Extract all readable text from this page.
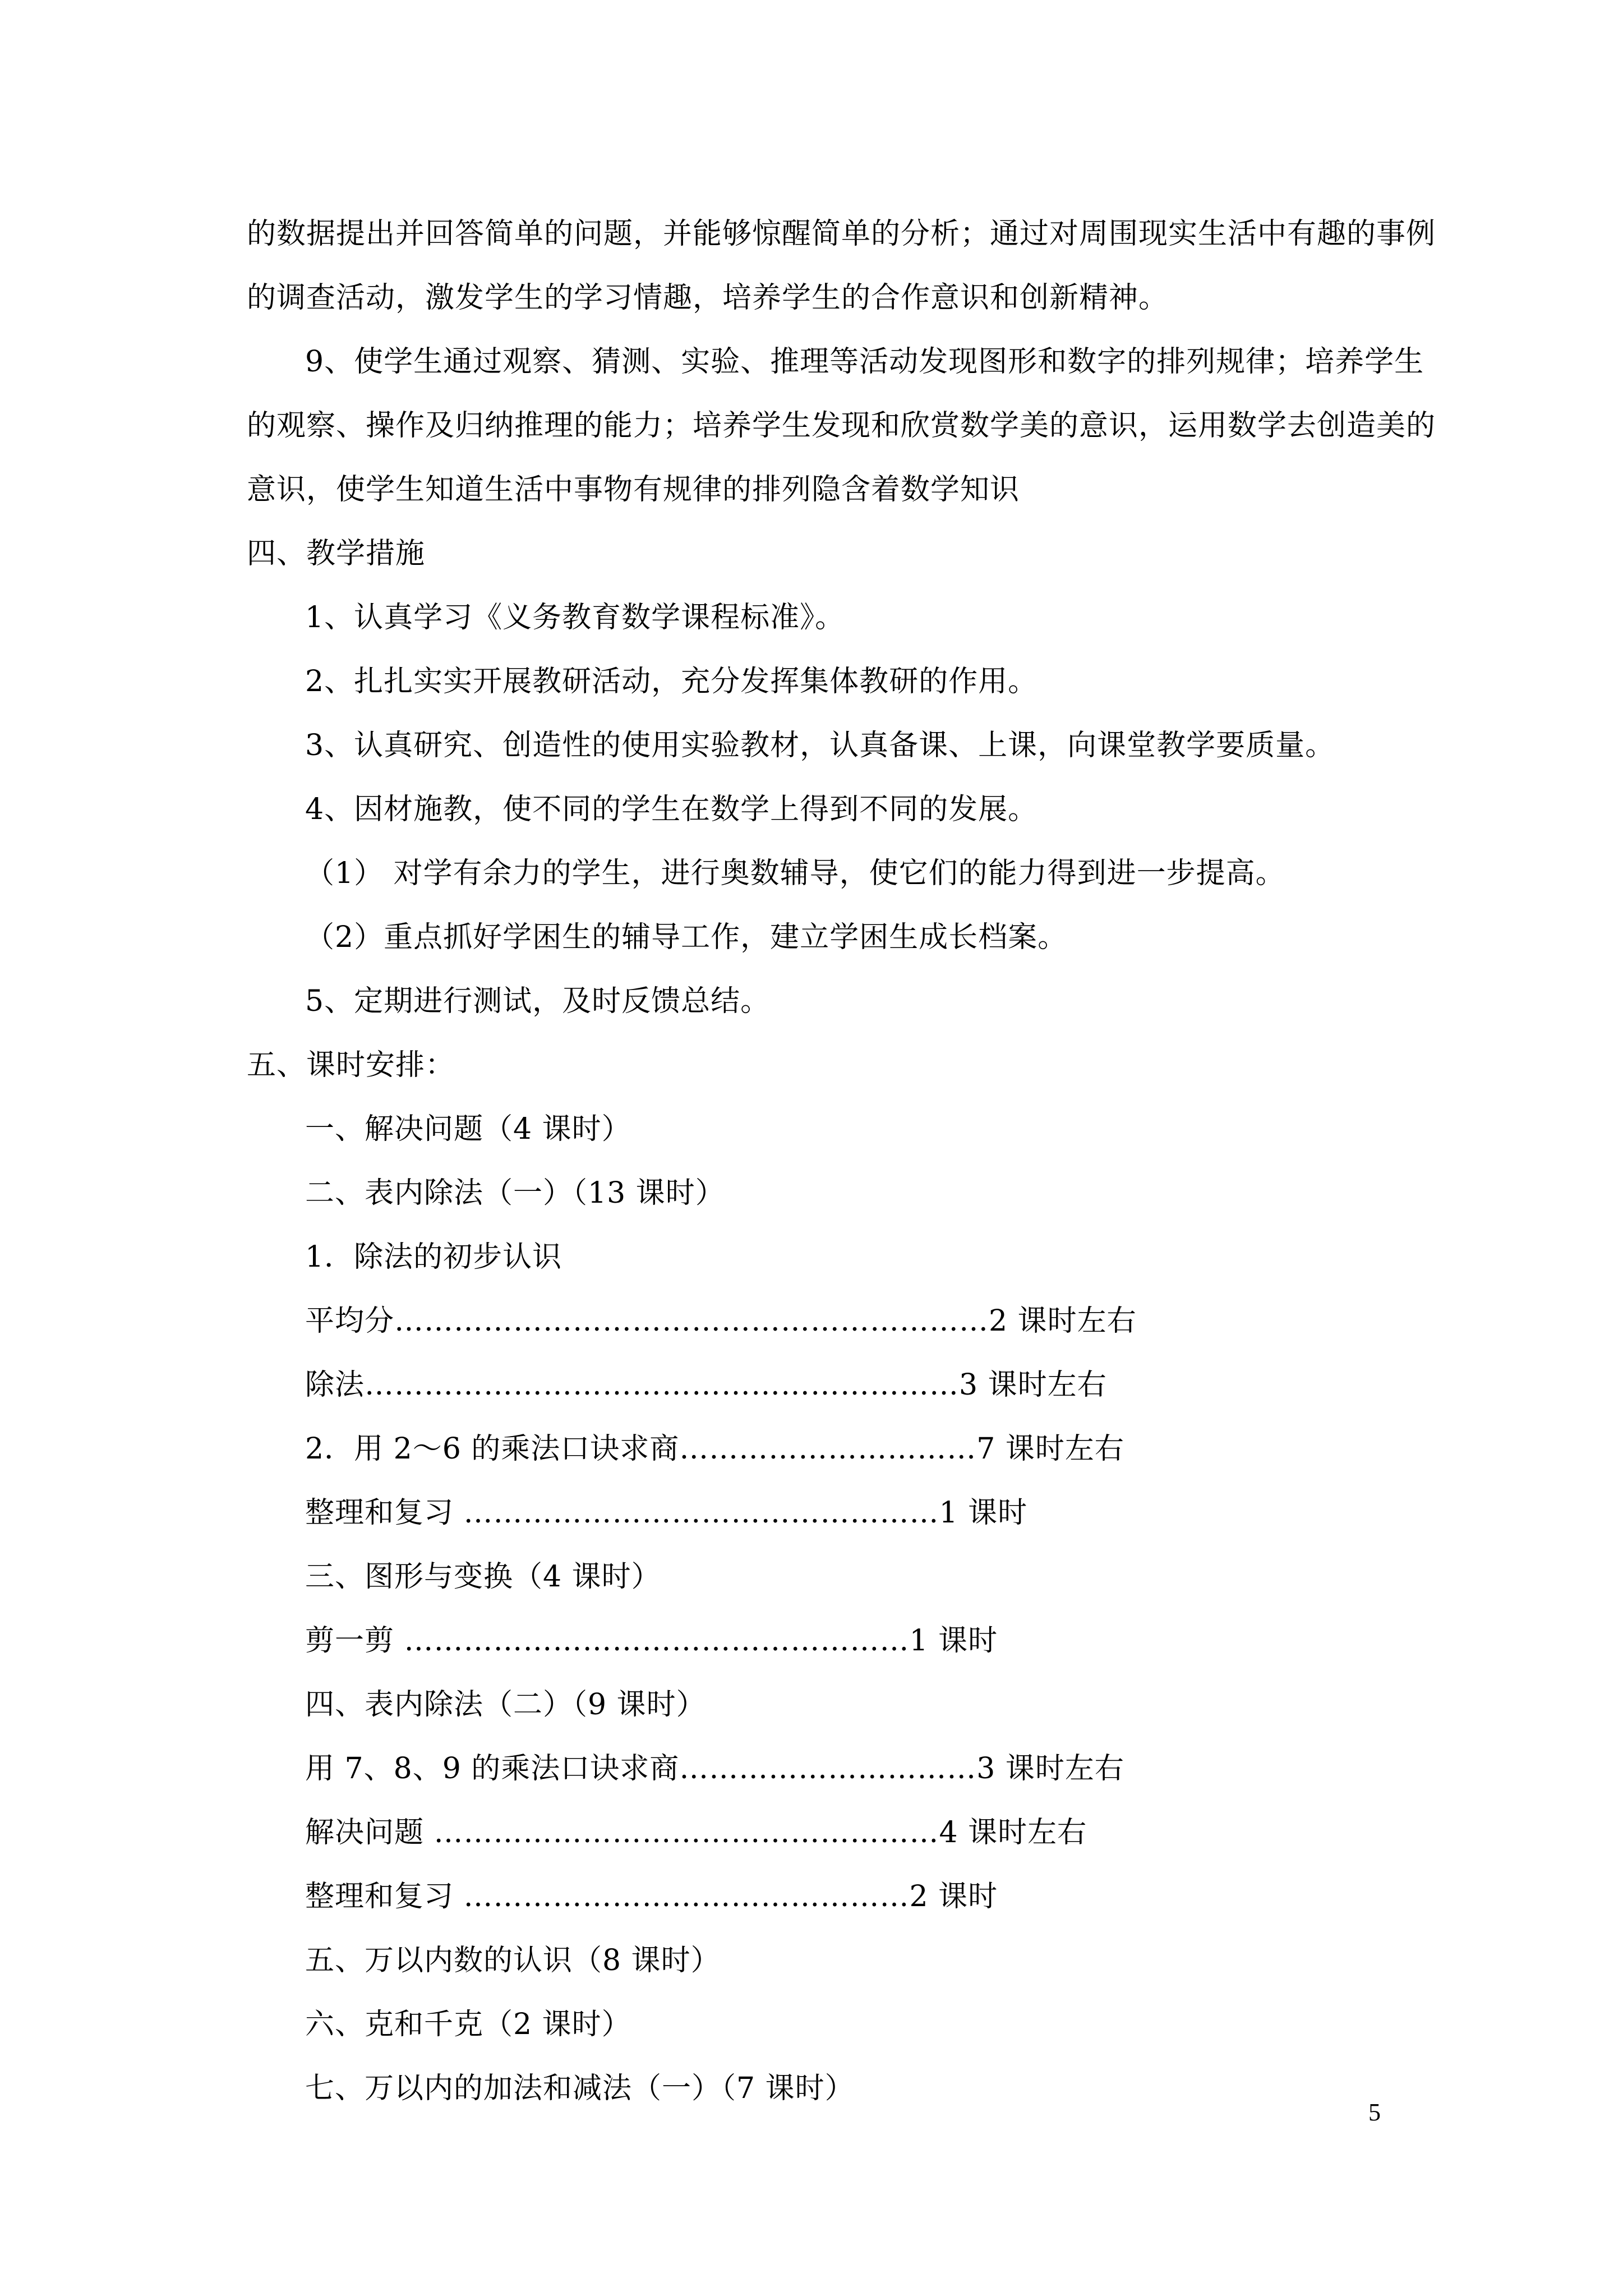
的数据提出并回答简单的问题，并能够惊醒简单的分析；通过对周围现实生活中有趣的事例
的调查活动，激发学生的学习情趣，培养学生的合作意识和创新精神。
9、使学生通过观察、猜测、实验、推理等活动发现图形和数字的排列规律；培养学生
的观察、操作及归纳推理的能力；培养学生发现和欣赏数学美的意识，运用数学去创造美的
意识，使学生知道生活中事物有规律的排列隐含着数学知识
四、教学措施
1、认真学习《义务教育数学课程标准》。
2、扎扎实实开展教研活动，充分发挥集体教研的作用。
3、认真研究、创造性的使用实验教材，认真备课、上课，向课堂教学要质量。
4、因材施教，使不同的学生在数学上得到不同的发展。
（1） 对学有余力的学生，进行奥数辅导，使它们的能力得到进一步提高。
（2）重点抓好学困生的辅导工作，建立学困生成长档案。
5、定期进行测试，及时反馈总结。
五、课时安排：
一、解决问题（4 课时）
二、表内除法（一）（13 课时）
1．除法的初步认识
平均分……………………………………………………2 课时左右
除法……………………………………………………3 课时左右
2．用 2～6 的乘法口诀求商…………………………7 课时左右
整理和复习 …………………………………………1 课时
三、图形与变换（4 课时）
剪一剪 ……………………………………………1 课时
四、表内除法（二）（9 课时）
用 7、8、9 的乘法口诀求商…………………………3 课时左右
解决问题 ……………………………………………4 课时左右
整理和复习 ………………………………………2 课时
五、万以内数的认识（8 课时）
六、克和千克（2 课时）
七、万以内的加法和减法（一）（7 课时）
5
